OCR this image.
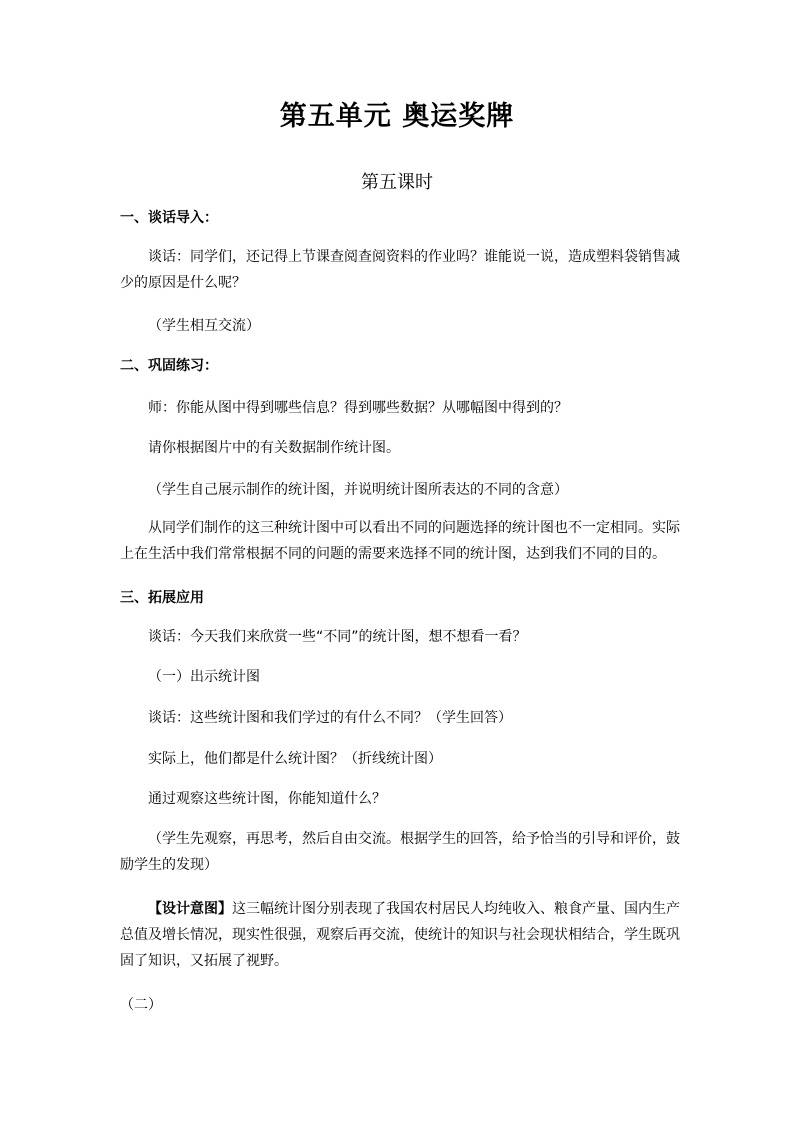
第五单元 奥运奖牌
第五课时

一、谈话导入：

谈话：同学们，还记得上节课查阅查阅资料的作业吗？谁能说一说，造成塑料袋销售减少的原因是什么呢？

（学生相互交流）

二、巩固练习：

师：你能从图中得到哪些信息？得到哪些数据？从哪幅图中得到的？

请你根据图片中的有关数据制作统计图。

（学生自己展示制作的统计图，并说明统计图所表达的不同的含意）

从同学们制作的这三种统计图中可以看出不同的问题选择的统计图也不一定相同。实际上在生活中我们常常根据不同的问题的需要来选择不同的统计图，达到我们不同的目的。

三、拓展应用

谈话：今天我们来欣赏一些“不同”的统计图，想不想看一看？

（一）出示统计图

谈话：这些统计图和我们学过的有什么不同？（学生回答）

实际上，他们都是什么统计图？（折线统计图）

通过观察这些统计图，你能知道什么？

（学生先观察，再思考，然后自由交流。根据学生的回答，给予恰当的引导和评价，鼓励学生的发现）

【设计意图】这三幅统计图分别表现了我国农村居民人均纯收入、粮食产量、国内生产总值及增长情况，现实性很强，观察后再交流，使统计的知识与社会现状相结合，学生既巩固了知识，又拓展了视野。

（二）
